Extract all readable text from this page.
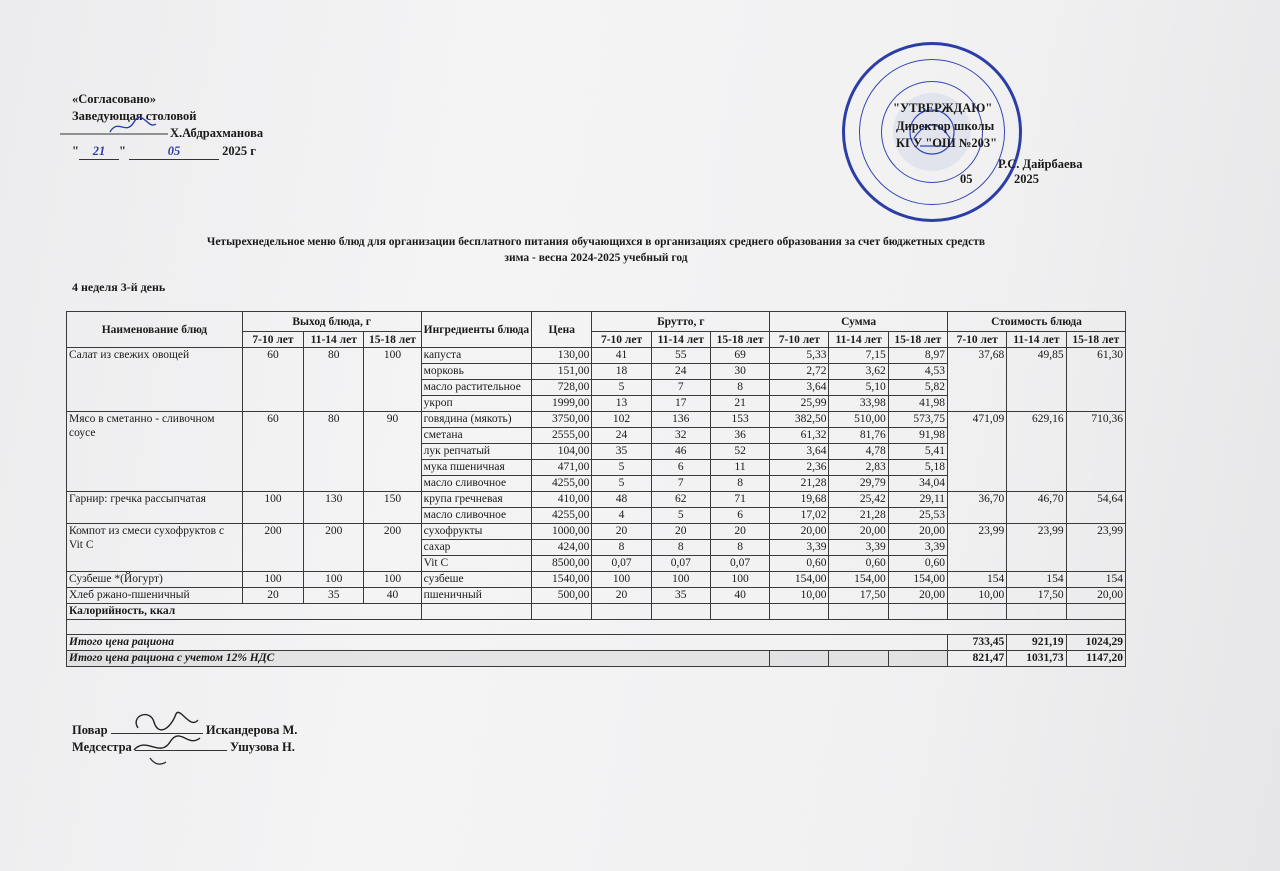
«Согласовано»
Заведующая столовой
Х.Абдрахманова
" 21 "	05	2025 г
"УТВЕРЖДАЮ"
Директор школы
КГУ "ОШ №203"
Р.С. Дайрбаева
05	2025
Четырехнедельное меню блюд для организации бесплатного питания обучающихся в организациях среднего образования за счет бюджетных средств
зима - весна 2024-2025 учебный год
4 неделя 3-й день
Наименование блюд	Выход блюда, г			Ингредиенты блюда	Цена	Брутто, г			Сумма			Стоимость блюда		
	7-10 лет	11-14 лет	15-18 лет			7-10 лет	11-14 лет	15-18 лет	7-10 лет	11-14 лет	15-18 лет	7-10 лет	11-14 лет	15-18 лет
Салат из свежих овощей	60	80	100	капуста	130,00	41	55	69	5,33	7,15	8,97	37,68	49,85	61,30
				морковь	151,00	18	24	30	2,72	3,62	4,53			
				масло растительное	728,00	5	7	8	3,64	5,10	5,82			
				укроп	1999,00	13	17	21	25,99	33,98	41,98			
Мясо в сметанно - сливочном соусе	60	80	90	говядина (мякоть)	3750,00	102	136	153	382,50	510,00	573,75	471,09	629,16	710,36
				сметана	2555,00	24	32	36	61,32	81,76	91,98			
				лук репчатый	104,00	35	46	52	3,64	4,78	5,41			
				мука пшеничная	471,00	5	6	11	2,36	2,83	5,18			
				масло сливочное	4255,00	5	7	8	21,28	29,79	34,04			
Гарнир: гречка рассыпчатая	100	130	150	крупа гречневая	410,00	48	62	71	19,68	25,42	29,11	36,70	46,70	54,64
				масло сливочное	4255,00	4	5	6	17,02	21,28	25,53			
Компот из смеси сухофруктов с Vit C	200	200	200	сухофрукты	1000,00	20	20	20	20,00	20,00	20,00	23,99	23,99	23,99
				сахар	424,00	8	8	8	3,39	3,39	3,39			
				Vit C	8500,00	0,07	0,07	0,07	0,60	0,60	0,60			
Сузбеше *(Йогурт)	100	100	100	сузбеше	1540,00	100	100	100	154,00	154,00	154,00	154	154	154
Хлеб ржано-пшеничный	20	35	40	пшеничный	500,00	20	35	40	10,00	17,50	20,00	10,00	17,50	20,00
Калорийность, ккал														

Итого цена рациона												733,45	921,19	1024,29
Итого цена рациона с учетом 12% НДС												821,47	1031,73	1147,20
Повар	Искандерова М.
Медсестра	Ушузова Н.
